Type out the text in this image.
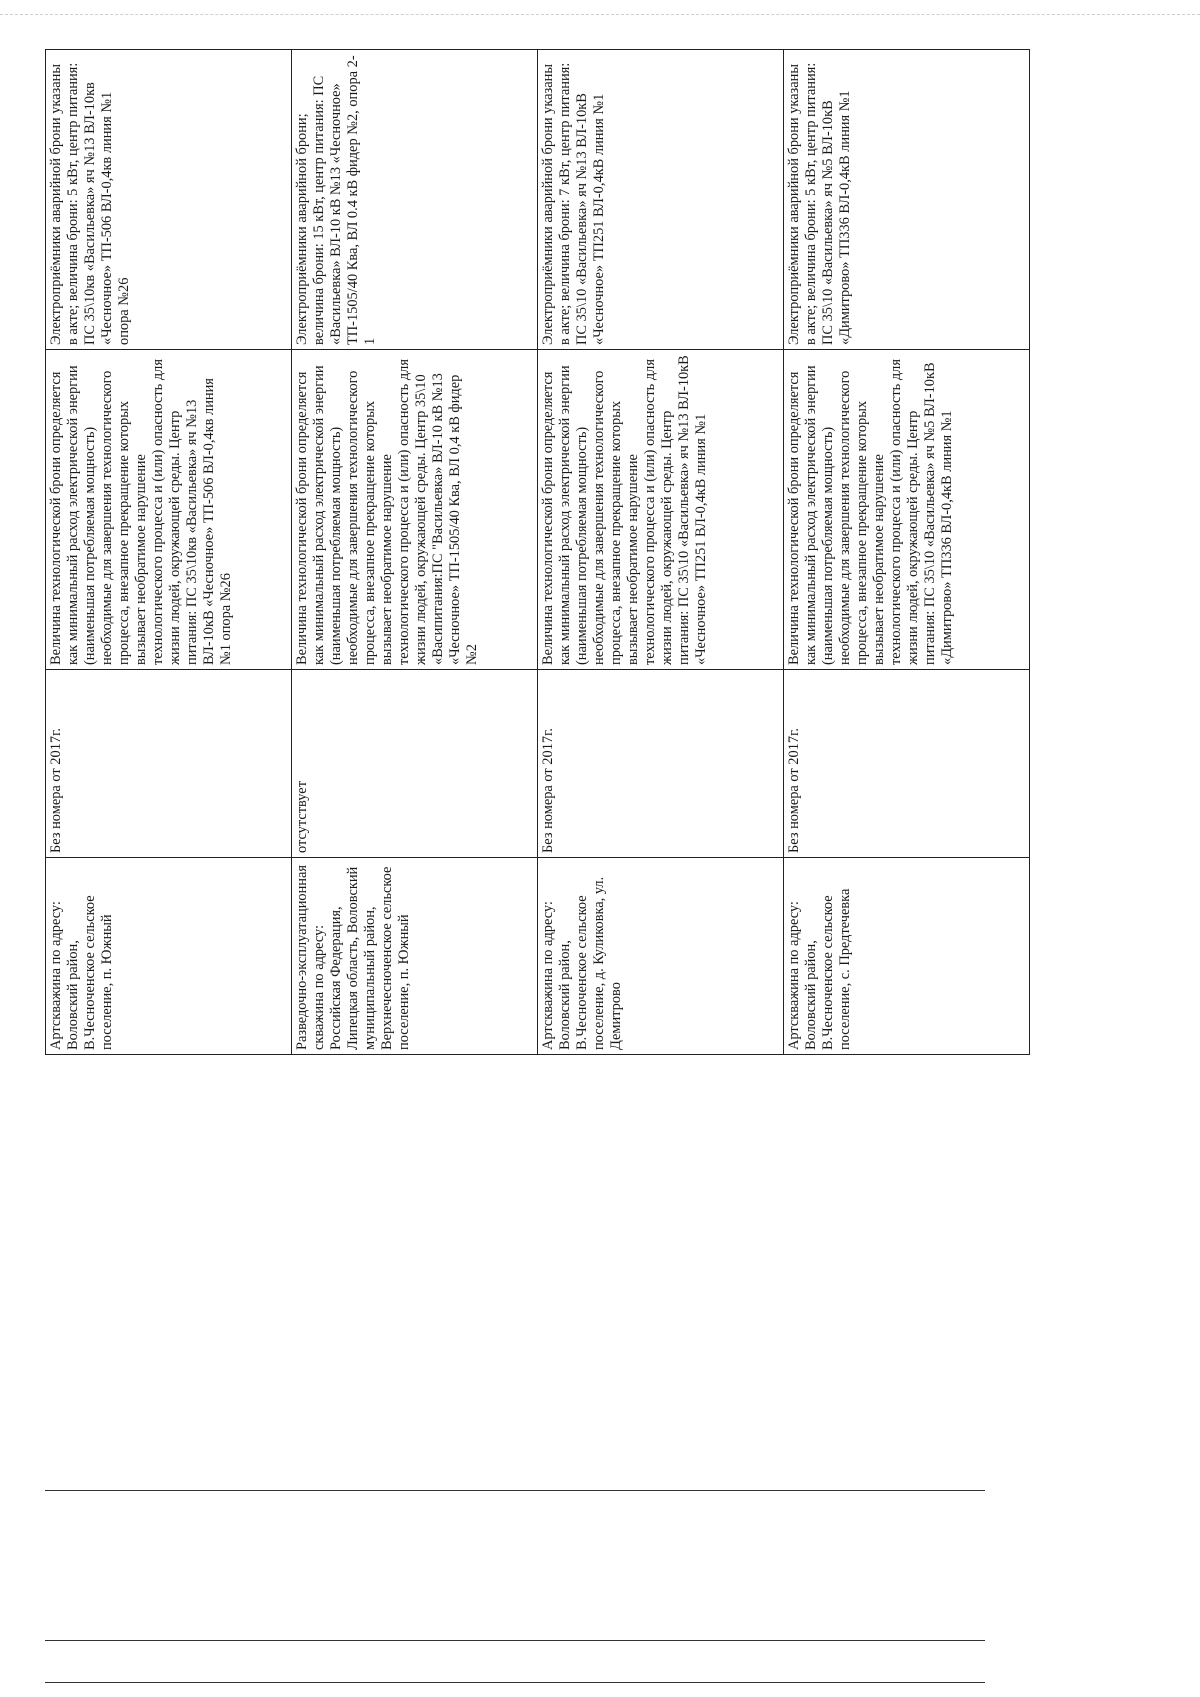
Артскважина по адресу: Воловский район, В.Чесноченское сельское поселение, п. Южный	Без номера от 2017г.	Величина технологической брони определяется как минимальный расход электрической энергии (наименьшая потребляемая мощность) необходимые для завершения технологического процесса, внезапное прекращение которых вызывает необратимое нарушение технологического процесса и (или) опасность для жизни людей, окружающей среды. Центр питания: ПС 35\10кв «Васильевка» яч №13 ВЛ-10кВ «Чесночное» ТП-506 ВЛ-0,4кв линия №1 опора №26	Электроприёмники аварийной брони указаны в акте; величина брони: 5 кВт, центр питания: ПС 35\10кв «Васильевка» яч №13 ВЛ-10кв «Чесночное» ТП-506 ВЛ-0,4кв линия №1 опора №26
Разведочно-эксплуатационная скважина по адресу: Российская Федерация, Липецкая область, Воловский муниципальный район, Верхнечесноченское сельское поселение, п. Южный	отсутствует	Величина технологической брони определяется как минимальный расход электрической энергии (наименьшая потребляемая мощность) необходимые для завершения технологического процесса, внезапное прекращение которых вызывает необратимое нарушение технологического процесса и (или) опасность для жизни людей, окружающей среды. Центр 35\10 «Васипитания:ПС "Васильевка» ВЛ-10 кВ №13 «Чесночное» ТП-1505/40 Ква, ВЛ 0,4 кВ фидер №2	Электроприёмники аварийной брони; величина брони: 15 кВт, центр питания: ПС «Васильевка» ВЛ-10 кВ №13 «Чесночное» ТП-1505/40 Ква, ВЛ 0.4 кВ фидер №2, опора 2-1
Артскважина по адресу: Воловский район, В.Чесноченское сельское поселение, д. Куликовка, ул. Демитрово	Без номера от 2017г.	Величина технологической брони определяется как минимальный расход электрической энергии (наименьшая потребляемая мощность) необходимые для завершения технологического процесса, внезапное прекращение которых вызывает необратимое нарушение технологического процесса и (или) опасность для жизни людей, окружающей среды. Центр питания: ПС 35\10 «Васильевка» яч №13 ВЛ-10кВ «Чесночное» ТП251 ВЛ-0,4кВ линия №1	Электроприёмники аварийной брони указаны в акте; величина брони: 7 кВт, центр питания: ПС 35\10 «Васильевка» яч №13 ВЛ-10кВ «Чесночное» ТП251 ВЛ-0,4кВ линия №1
Артскважина по адресу: Воловский район, В.Чесноченское сельское поселение, с. Предтечевка	Без номера от 2017г.	Величина технологической брони определяется как минимальный расход электрической энергии (наименьшая потребляемая мощность) необходимые для завершения технологического процесса, внезапное прекращение которых вызывает необратимое нарушение технологического процесса и (или) опасность для жизни людей, окружающей среды. Центр питания: ПС 35\10 «Васильевка» яч №5 ВЛ-10кВ «Димитрово» ТП336 ВЛ-0,4кВ линия №1	Электроприёмники аварийной брони указаны в акте; величина брони: 5 кВт, центр питания: ПС 35\10 «Васильевка» яч №5 ВЛ-10кВ «Димитрово» ТП336 ВЛ-0,4кВ линия №1
